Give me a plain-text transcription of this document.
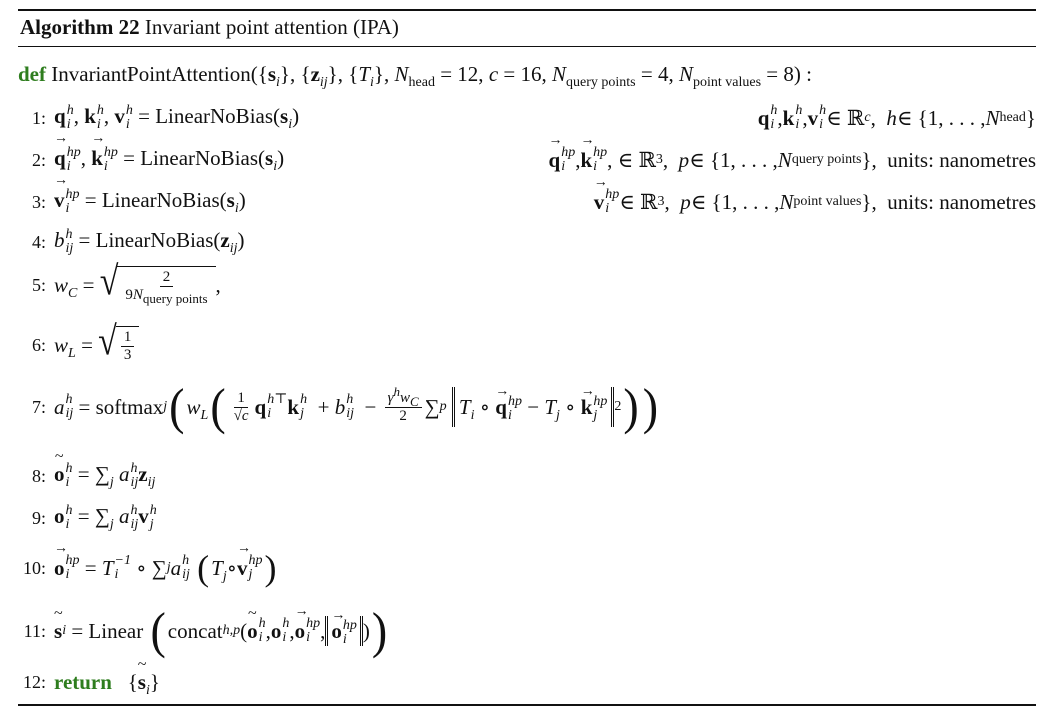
Algorithm 22 Invariant point attention (IPA)
def
InvariantPointAttention ($\{s_i\}$, $\{z_{ij}\}$, $\{T_i\}$, $N_{head} = 12$, c = 16, $N_{query points} = 4$, $N_{point values} = 8$) :
1: q h
i , k h
i , v h
$i = LinearNoBias(s_i)$	q h
i , k h
i , v h
i ∈ ℝ c , h ∈ {1, . . . , N head }
2: → q hp
i , → k hp
$i = LinearNoBias(s_i)$	→ q hp
i , → k hp
i , ∈ ℝ 3 , p ∈ {1, . . . , N query points }, units: nanometres
3: → v hp
$i = LinearNoBias(s_i)$	→ v hp
i ∈ ℝ 3 , p ∈ {1, . . . , N point values }, units: nanometres
4: b h
ij = $LinearNoBias(z_{ij})$
5: $w_C$ = √ $\frac{2}{9N_{query points}}$ ,
6: $w_L$ = √ $\frac{1}{3}$
7: a h
ij = softmax j ( $w_L$ ( $\frac{1}{√c}$ q h⊤
i k h
j + b h
ij − $\frac{\gamma^hw_C}{2}$ ∑ p
$T_i$ ∘ → q hp
$i - T_j$ ∘ → k hp
j
2 ) )
8: ~ o h
$i = \sum_j$ a h
ij $z_{ij}$
9: o h
$i = \sum_j$ a h
ij v h
j
10: → o hp
i = T −1
i ∘ ∑ j a h
ij
( $T_j$ ∘ → v hp
j )
11: ~ s i = Linear
( concat h,p ( ~ o h
i , o h
i , → o hp
i , → o hp
i ) )
12: return
{~ $s_i$}
